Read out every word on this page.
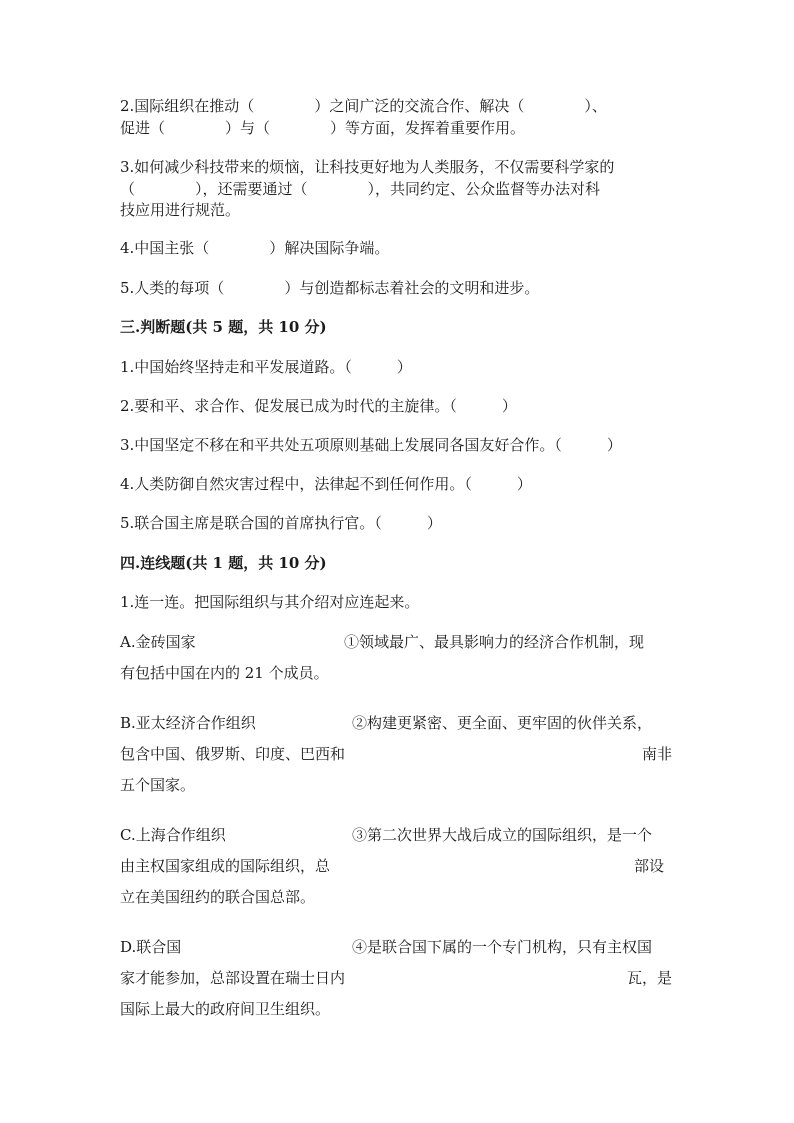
2.国际组织在推动（　　　　）之间广泛的交流合作、解决（　　　　）、
促进（　　　　）与（　　　　）等方面，发挥着重要作用。
3.如何减少科技带来的烦恼，让科技更好地为人类服务，不仅需要科学家的
（　　　　），还需要通过（　　　　），共同约定、公众监督等办法对科
技应用进行规范。
4.中国主张（　　　　）解决国际争端。
5.人类的每项（　　　　）与创造都标志着社会的文明和进步。
三.判断题(共 5 题，共 10 分)
1.中国始终坚持走和平发展道路。（　　　）
2.要和平、求合作、促发展已成为时代的主旋律。（　　　）
3.中国坚定不移在和平共处五项原则基础上发展同各国友好合作。（　　　）
4.人类防御自然灾害过程中，法律起不到任何作用。（　　　）
5.联合国主席是联合国的首席执行官。（　　　）
四.连线题(共 1 题，共 10 分)
1.连一连。把国际组织与其介绍对应连起来。
A.金砖国家	①领域最广、最具影响力的经济合作机制，现
有包括中国在内的 21 个成员。
B.亚太经济合作组织	②构建更紧密、更全面、更牢固的伙伴关系，
包含中国、俄罗斯、印度、巴西和	南非
五个国家。
C.上海合作组织	③第二次世界大战后成立的国际组织，是一个
由主权国家组成的国际组织，总	部设
立在美国纽约的联合国总部。
D.联合国	④是联合国下属的一个专门机构，只有主权国
家才能参加，总部设置在瑞士日内	瓦，是
国际上最大的政府间卫生组织。
